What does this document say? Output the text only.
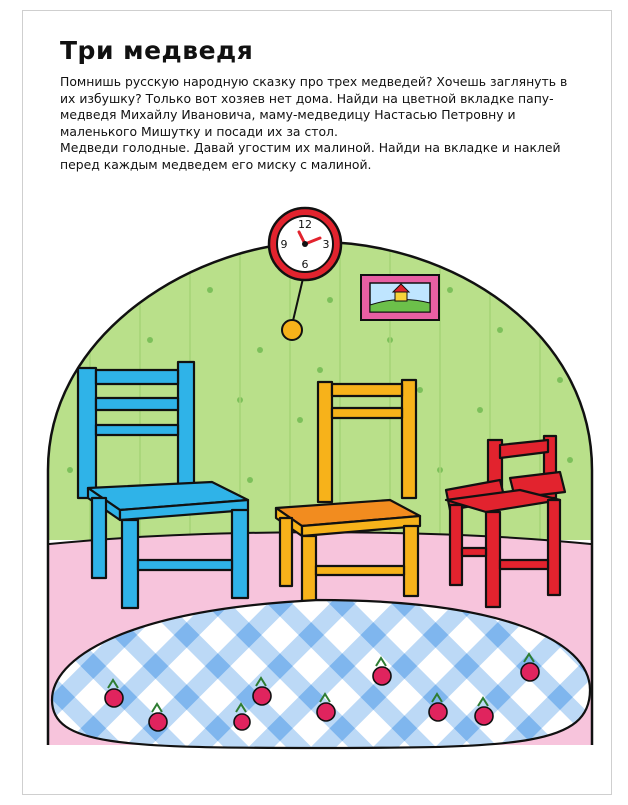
Три медведя

Помнишь русскую народную сказку про трех медведей? Хочешь заглянуть в их избушку? Только вот хозяев нет дома. Найди на цветной вкладке папу-медведя Михайлу Ивановича, маму-медведицу Настасью Петровну и маленького Мишутку и посади их за стол.

Медведи голодные. Давай угостим их малиной. Найди на вкладке и наклей перед каждым медведем его миску с малиной.

12
3
6
9
